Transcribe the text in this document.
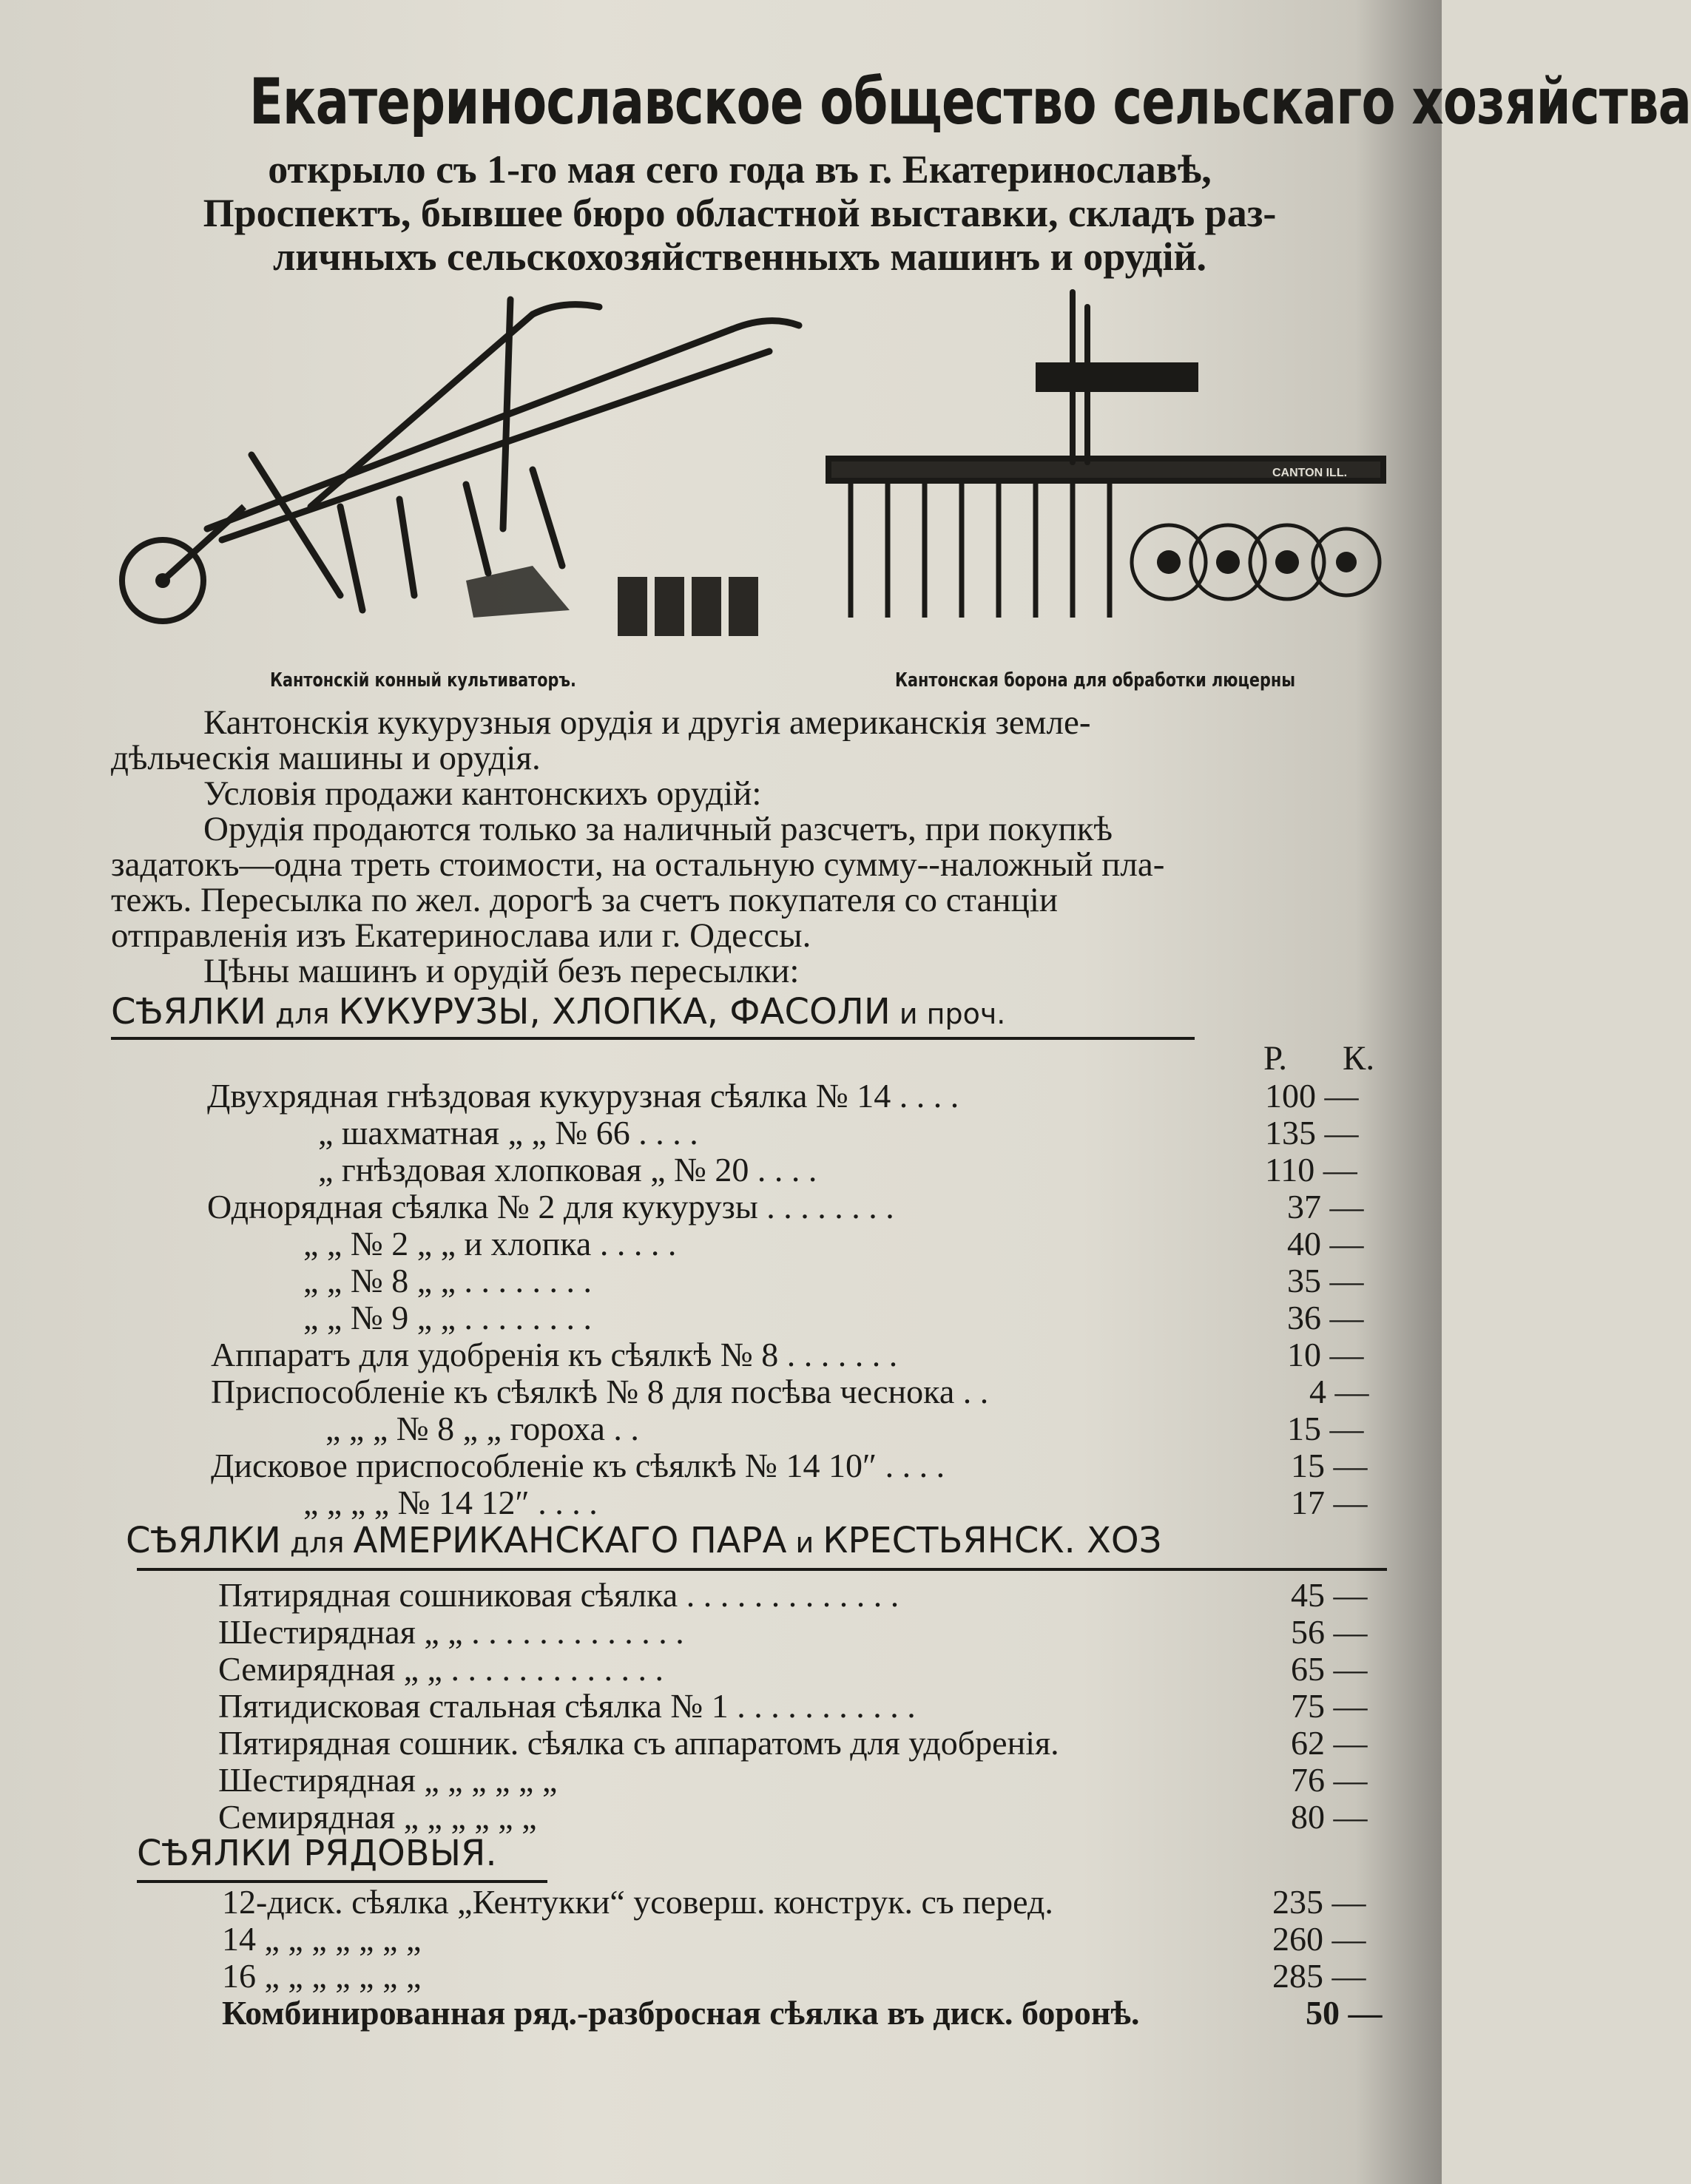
Екатеринославское общество сельскаго хозяйства
открыло съ 1-го мая сего года въ г. Екатеринославѣ,
Проспектъ, бывшее бюро областной выставки, складъ раз-
личныхъ сельскохозяйственныхъ машинъ и орудій.
Кантонскій конный культиваторъ.
CANTON ILL.
Кантонская борона для обработки люцерны
Кантонскія кукурузныя орудія и другія американскія земле-
дѣльческія машины и орудія.
Условія продажи кантонскихъ орудій:
Орудія продаются только за наличный разсчетъ, при покупкѣ
задатокъ—одна треть стоимости, на остальную сумму--наложный пла-
тежъ. Пересылка по жел. дорогѣ за счетъ покупателя со станціи
отправленія изъ Екатеринослава или г. Одессы.
Цѣны машинъ и орудій безъ пересылки:
СѢЯЛКИ для КУКУРУЗЫ, ХЛОПКА, ФАСОЛИ и проч.
Р. К.
Двухрядная гнѣздовая кукурузная сѣялка № 14 . . . .	100 —
„ шахматная „ „ № 66 . . . .	135 —
„ гнѣздовая хлопковая „ № 20 . . . .	110 —
Однорядная сѣялка № 2 для кукурузы . . . . . . . .	37 —
„ „ № 2 „ „ и хлопка . . . . .	40 —
„ „ № 8 „ „ . . . . . . . .	35 —
„ „ № 9 „ „ . . . . . . . .	36 —
Аппаратъ для удобренія къ сѣялкѣ № 8 . . . . . . .	10 —
Приспособленіе къ сѣялкѣ № 8 для посѣва чеснока . .	4 —
„ „ „ № 8 „ „ гороха . .	15 —
Дисковое приспособленіе къ сѣялкѣ № 14 10″ . . . .	15 —
„ „ „ „ № 14 12″ . . . .	17 —
СѢЯЛКИ для АМЕРИКАНСКАГО ПАРА и КРЕСТЬЯНСК. ХОЗ
Пятирядная сошниковая сѣялка . . . . . . . . . . . . .	45 —
Шестирядная „ „ . . . . . . . . . . . . .	56 —
Семирядная „ „ . . . . . . . . . . . . .	65 —
Пятидисковая стальная сѣялка № 1 . . . . . . . . . . .	75 —
Пятирядная сошник. сѣялка съ аппаратомъ для удобренія.	62 —
Шестирядная „ „ „ „ „ „	76 —
Семирядная „ „ „ „ „ „	80 —
СѢЯЛКИ РЯДОВЫЯ.
12-диск. сѣялка „Кентукки“ усоверш. конструк. съ перед.	235 —
14 „ „ „ „ „ „ „	260 —
16 „ „ „ „ „ „ „	285 —
Комбинированная ряд.-разбросная сѣялка въ диск. боронѣ.	50 —
